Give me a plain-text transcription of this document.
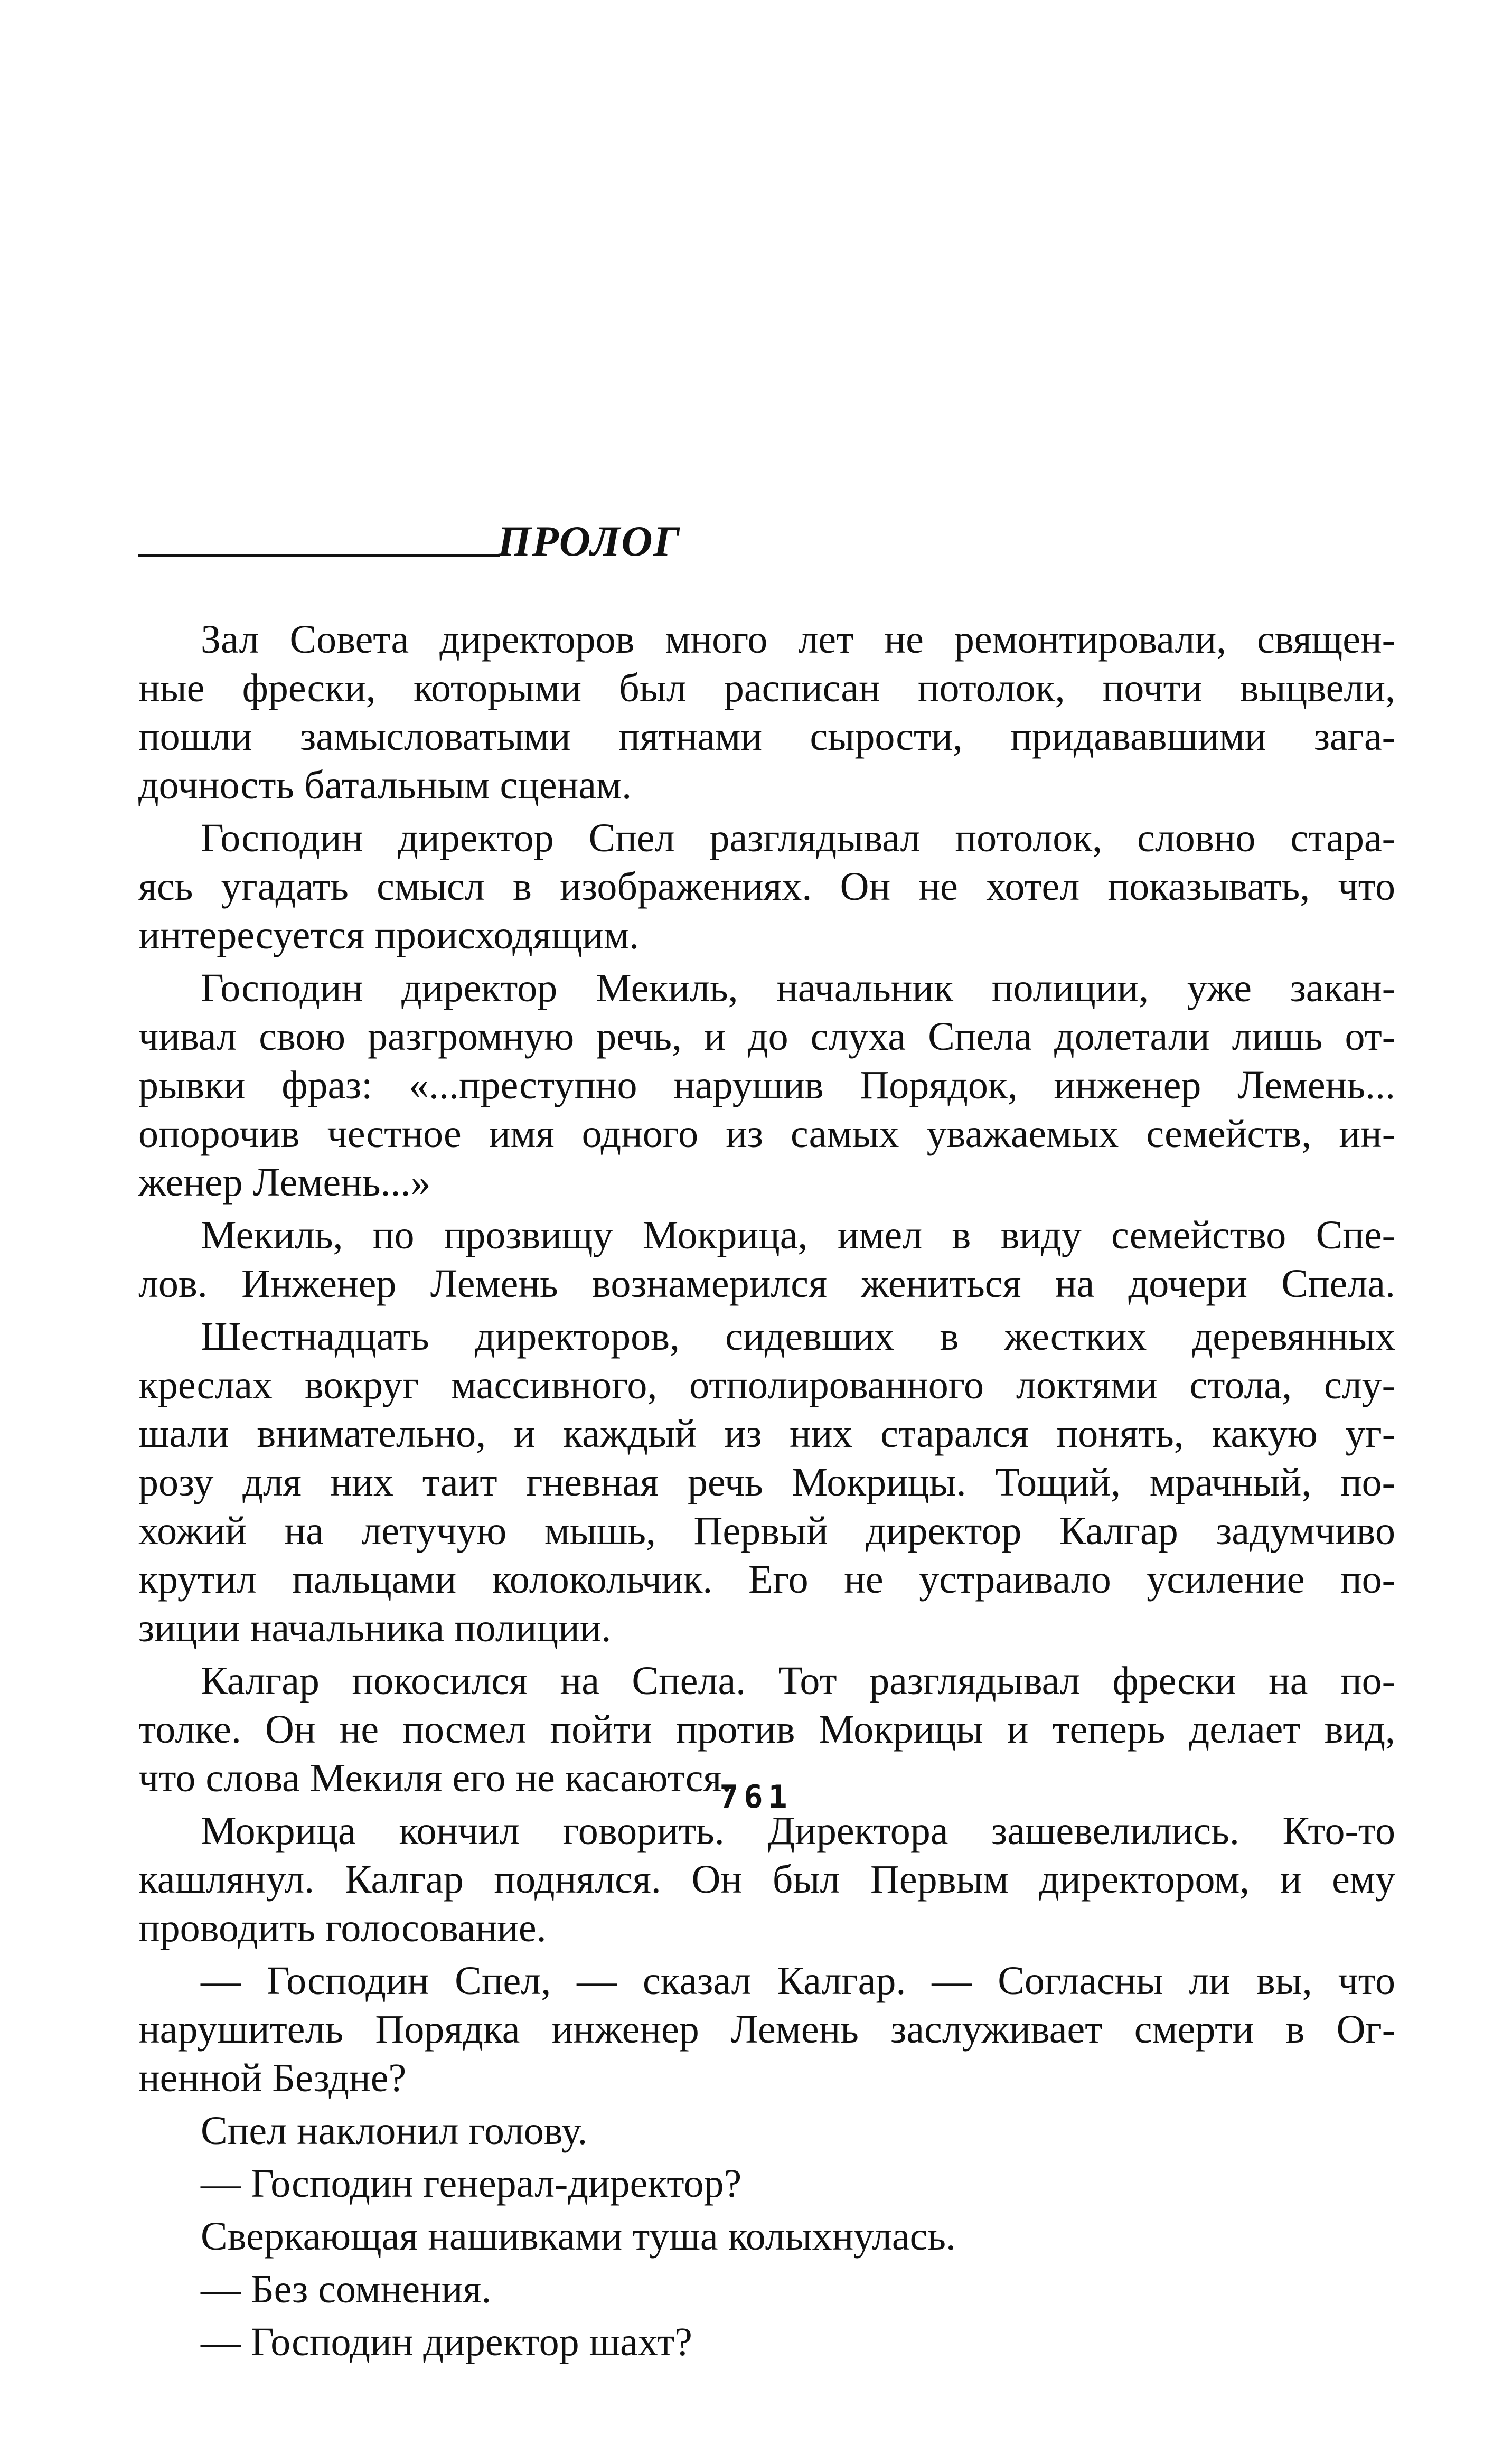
ПРОЛОГ
Зал Совета директоров много лет не ремонтировали, священ-
ные фрески, которыми был расписан потолок, почти выцвели,
пошли замысловатыми пятнами сырости, придававшими зага-
дочность батальным сценам.
Господин директор Спел разглядывал потолок, словно стара-
ясь угадать смысл в изображениях. Он не хотел показывать, что
интересуется происходящим.
Господин директор Мекиль, начальник полиции, уже закан-
чивал свою разгромную речь, и до слуха Спела долетали лишь от-
рывки фраз: «...преступно нарушив Порядок, инженер Лемень...
опорочив честное имя одного из самых уважаемых семейств, ин-
женер Лемень...»
Мекиль, по прозвищу Мокрица, имел в виду семейство Спе-
лов. Инженер Лемень вознамерился жениться на дочери Спела.
Шестнадцать директоров, сидевших в жестких деревянных
креслах вокруг массивного, отполированного локтями стола, слу-
шали внимательно, и каждый из них старался понять, какую уг-
розу для них таит гневная речь Мокрицы. Тощий, мрачный, по-
хожий на летучую мышь, Первый директор Калгар задумчиво
крутил пальцами колокольчик. Его не устраивало усиление по-
зиции начальника полиции.
Калгар покосился на Спела. Тот разглядывал фрески на по-
толке. Он не посмел пойти против Мокрицы и теперь делает вид,
что слова Мекиля его не касаются.
Мокрица кончил говорить. Директора зашевелились. Кто-то
кашлянул. Калгар поднялся. Он был Первым директором, и ему
проводить голосование.
— Господин Спел, — сказал Калгар. — Согласны ли вы, что
нарушитель Порядка инженер Лемень заслуживает смерти в Ог-
ненной Бездне?
Спел наклонил голову.
— Господин генерал-директор?
Сверкающая нашивками туша колыхнулась.
— Без сомнения.
— Господин директор шахт?
761
